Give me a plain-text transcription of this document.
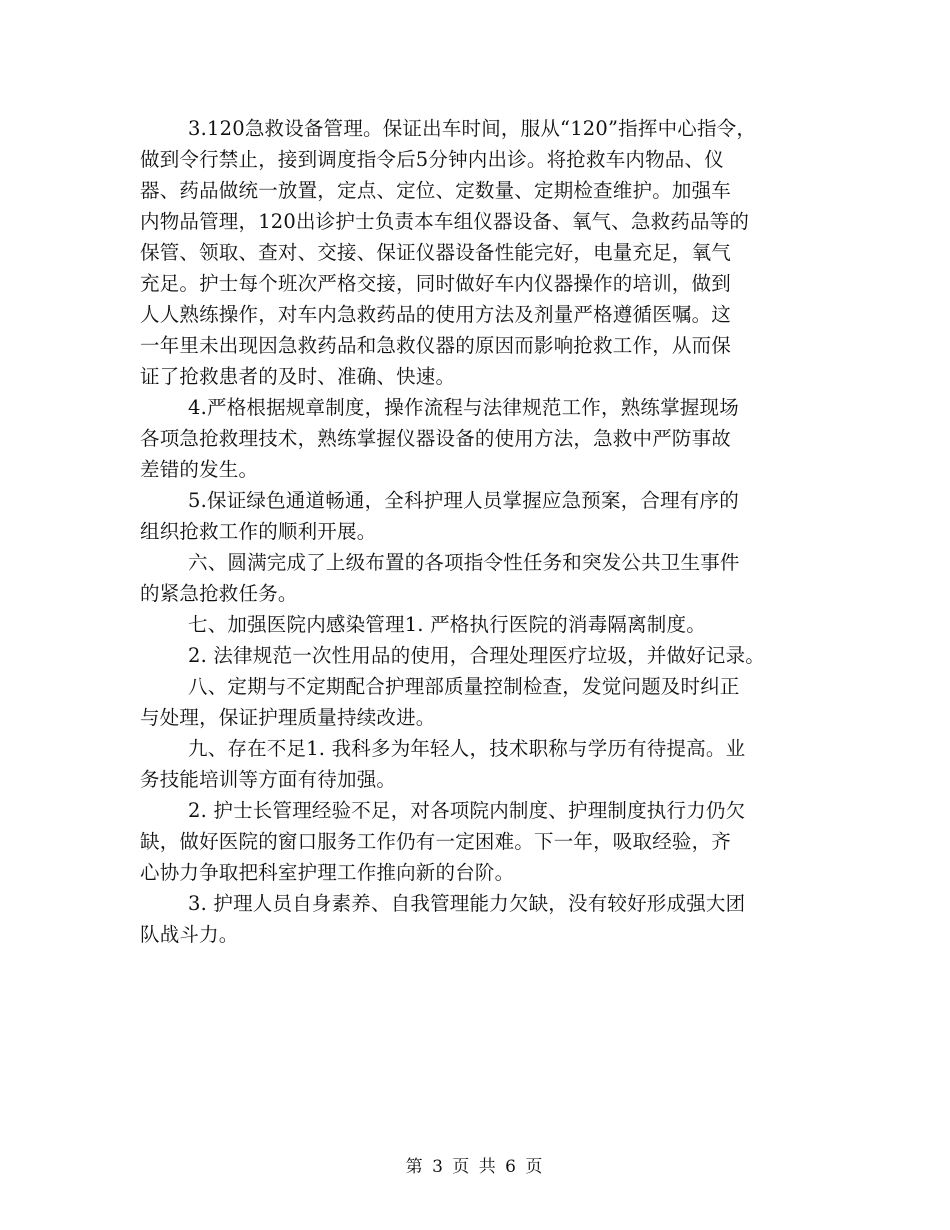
3.120急救设备管理。保证出车时间，服从“120”指挥中心指令，
做到令行禁止，接到调度指令后5分钟内出诊。将抢救车内物品、仪
器、药品做统一放置，定点、定位、定数量、定期检查维护。加强车
内物品管理，120出诊护士负责本车组仪器设备、氧气、急救药品等的
保管、领取、查对、交接、保证仪器设备性能完好，电量充足，氧气
充足。护士每个班次严格交接，同时做好车内仪器操作的培训，做到
人人熟练操作，对车内急救药品的使用方法及剂量严格遵循医嘱。这
一年里未出现因急救药品和急救仪器的原因而影响抢救工作，从而保
证了抢救患者的及时、准确、快速。
4.严格根据规章制度，操作流程与法律规范工作，熟练掌握现场
各项急抢救理技术，熟练掌握仪器设备的使用方法，急救中严防事故
差错的发生。
5.保证绿色通道畅通，全科护理人员掌握应急预案，合理有序的
组织抢救工作的顺利开展。
六、圆满完成了上级布置的各项指令性任务和突发公共卫生事件
的紧急抢救任务。
七、加强医院内感染管理1. 严格执行医院的消毒隔离制度。
2. 法律规范一次性用品的使用，合理处理医疗垃圾，并做好记录。
八、定期与不定期配合护理部质量控制检查，发觉问题及时纠正
与处理，保证护理质量持续改进。
九、存在不足1. 我科多为年轻人，技术职称与学历有待提高。业
务技能培训等方面有待加强。
2. 护士长管理经验不足，对各项院内制度、护理制度执行力仍欠
缺，做好医院的窗口服务工作仍有一定困难。下一年，吸取经验，齐
心协力争取把科室护理工作推向新的台阶。
3. 护理人员自身素养、自我管理能力欠缺，没有较好形成强大团
队战斗力。
第 3 页 共 6 页
